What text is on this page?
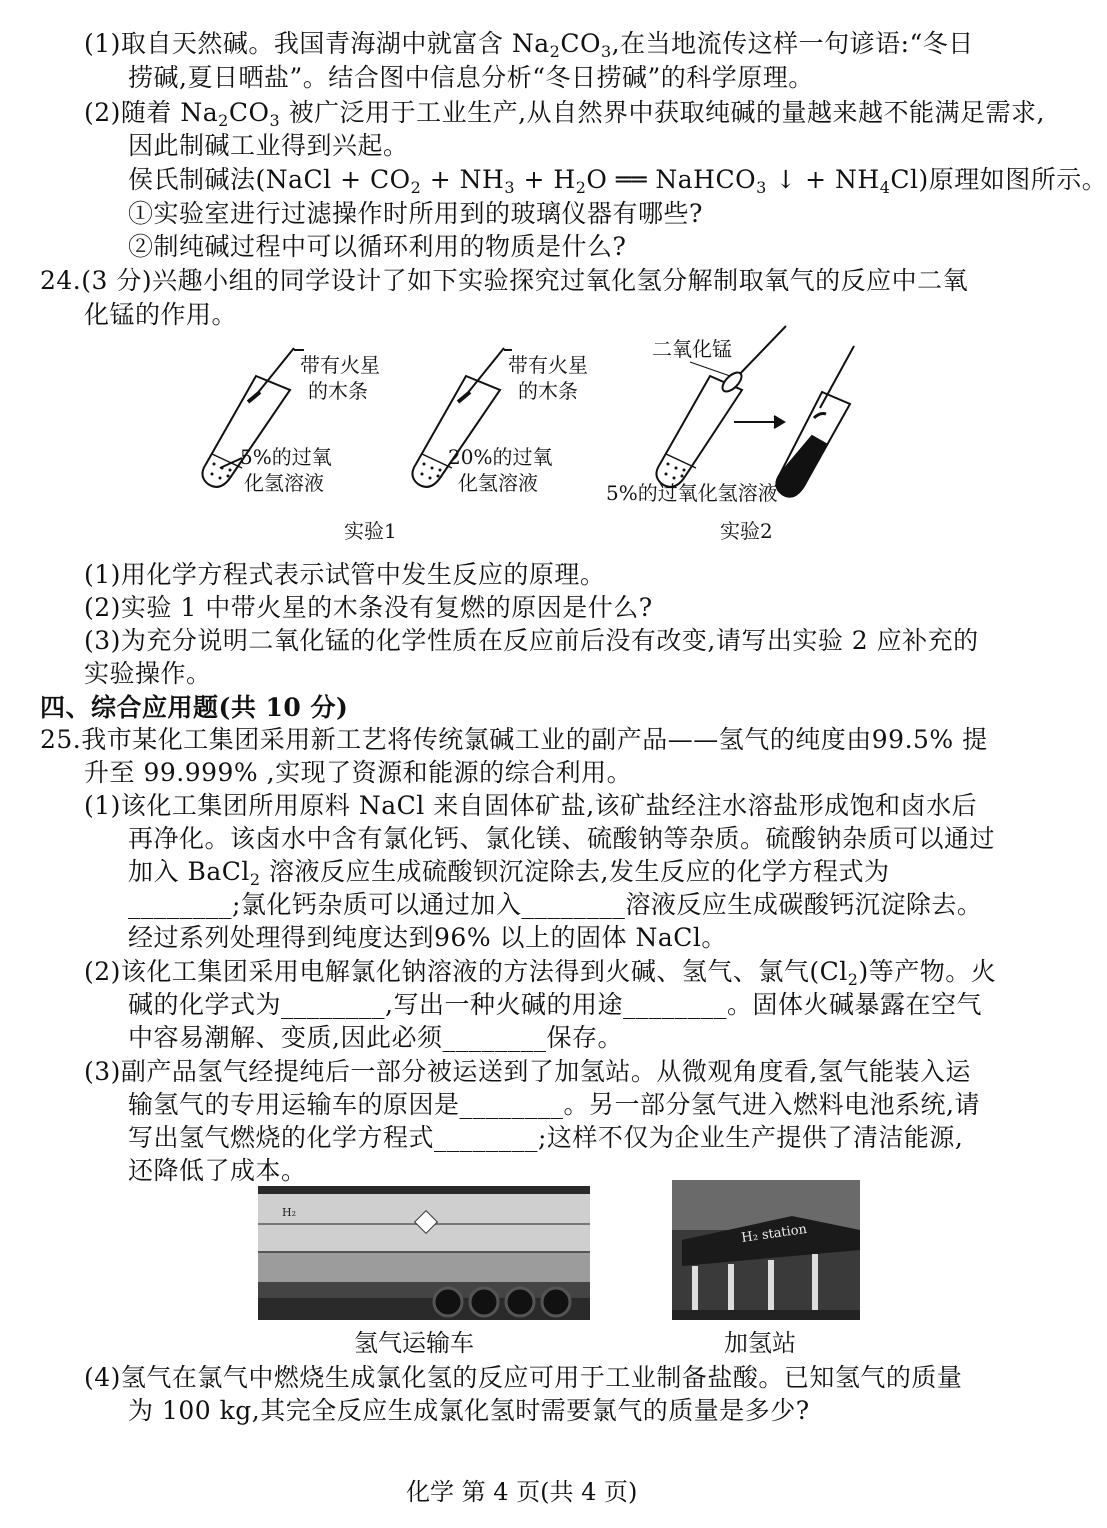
(1)取自天然碱。我国青海湖中就富含 $Na_2CO_3$,在当地流传这样一句谚语:“冬日
捞碱,夏日晒盐”。结合图中信息分析“冬日捞碱”的科学原理。
(2)随着 $Na_2CO_3$ 被广泛用于工业生产,从自然界中获取纯碱的量越来越不能满足需求,
因此制碱工业得到兴起。
侯氏制碱法(NaCl + $CO_2 + NH_3 + H_2O$ ══ NaHCO$_3$ ↓ + $NH_4Cl$)原理如图所示。
①实验室进行过滤操作时所用到的玻璃仪器有哪些?
②制纯碱过程中可以循环利用的物质是什么?
24.(3 分)兴趣小组的同学设计了如下实验探究过氧化氢分解制取氧气的反应中二氧
化锰的作用。
带有火星
的木条
5%的过氧
化氢溶液
带有火星
的木条
20%的过氧
化氢溶液
二氧化锰
5%的过氧化氢溶液
实验1	实验2
(1)用化学方程式表示试管中发生反应的原理。
(2)实验 1 中带火星的木条没有复燃的原因是什么?
(3)为充分说明二氧化锰的化学性质在反应前后没有改变,请写出实验 2 应补充的
实验操作。
四、综合应用题(共 10 分)
25.我市某化工集团采用新工艺将传统氯碱工业的副产品——氢气的纯度由99.5% 提
升至 99.999% ,实现了资源和能源的综合利用。
(1)该化工集团所用原料 NaCl 来自固体矿盐,该矿盐经注水溶盐形成饱和卤水后
再净化。该卤水中含有氯化钙、氯化镁、硫酸钠等杂质。硫酸钠杂质可以通过
加入 BaCl$_2$ 溶液反应生成硫酸钡沉淀除去,发生反应的化学方程式为
________;氯化钙杂质可以通过加入________溶液反应生成碳酸钙沉淀除去。
经过系列处理得到纯度达到96% 以上的固体 NaCl。
(2)该化工集团采用电解氯化钠溶液的方法得到火碱、氢气、氯气$(Cl_2)$等产物。火
碱的化学式为________,写出一种火碱的用途________。固体火碱暴露在空气
中容易潮解、变质,因此必须________保存。
(3)副产品氢气经提纯后一部分被运送到了加氢站。从微观角度看,氢气能装入运
输氢气的专用运输车的原因是________。另一部分氢气进入燃料电池系统,请
写出氢气燃烧的化学方程式________;这样不仅为企业生产提供了清洁能源,
还降低了成本。
H₂
H₂ station
氢气运输车	加氢站
(4)氢气在氯气中燃烧生成氯化氢的反应可用于工业制备盐酸。已知氢气的质量
为 100 kg,其完全反应生成氯化氢时需要氯气的质量是多少?
化学 第 4 页(共 4 页)
